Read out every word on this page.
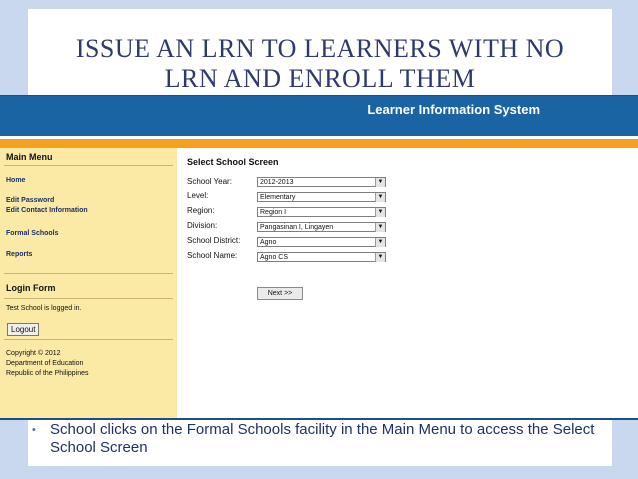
ISSUE AN LRN TO LEARNERS WITH NO
LRN AND ENROLL THEM
Learner Information System
Main Menu
Home
Edit Password
Edit Contact Information
Formal Schools
Reports
Login Form
Test School is logged in.
Logout
Copyright © 2012
Department of Education
Republic of the Philippines
Select School Screen
School Year:	2012-2013	▼
Level:	Elementary	▼
Region:	Region I	▼
Division:	Pangasinan I, Lingayen	▼
School District:	Agno	▼
School Name:	Agno CS	▼
Next >>
• School clicks on the Formal Schools facility in the Main Menu to access the Select School Screen
